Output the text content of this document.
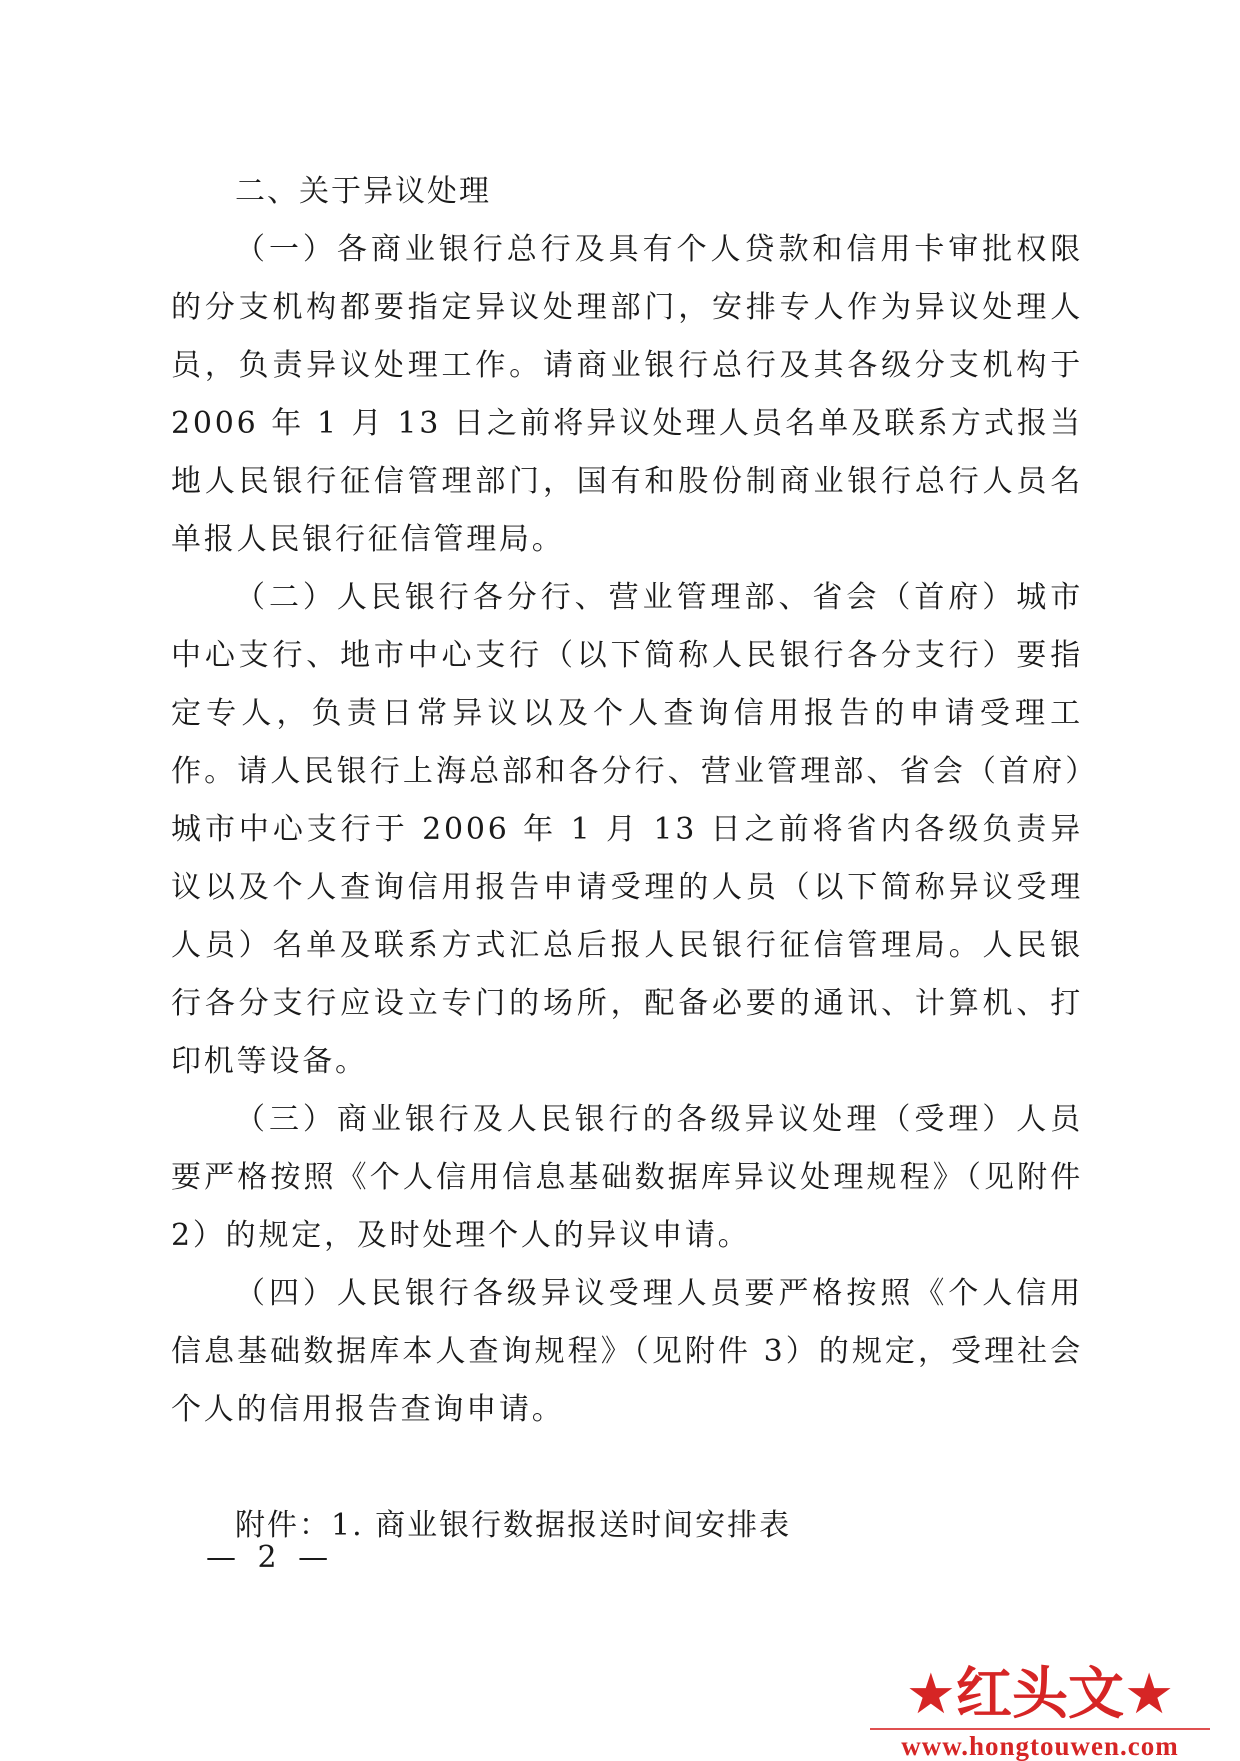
二、关于异议处理

（一）各商业银行总行及具有个人贷款和信用卡审批权限的分支机构都要指定异议处理部门，安排专人作为异议处理人员，负责异议处理工作。请商业银行总行及其各级分支机构于 2006 年 1 月 13 日之前将异议处理人员名单及联系方式报当地人民银行征信管理部门，国有和股份制商业银行总行人员名单报人民银行征信管理局。

（二）人民银行各分行、营业管理部、省会（首府）城市中心支行、地市中心支行（以下简称人民银行各分支行）要指定专人，负责日常异议以及个人查询信用报告的申请受理工作。请人民银行上海总部和各分行、营业管理部、省会（首府）城市中心支行于 2006 年 1 月 13 日之前将省内各级负责异议以及个人查询信用报告申请受理的人员（以下简称异议受理人员）名单及联系方式汇总后报人民银行征信管理局。人民银行各分支行应设立专门的场所，配备必要的通讯、计算机、打印机等设备。

（三）商业银行及人民银行的各级异议处理（受理）人员要严格按照《个人信用信息基础数据库异议处理规程》（见附件 2）的规定，及时处理个人的异议申请。

（四）人民银行各级异议受理人员要严格按照《个人信用信息基础数据库本人查询规程》（见附件 3）的规定，受理社会个人的信用报告查询申请。

附件：1. 商业银行数据报送时间安排表

— 2 —
★红头文★
www.hongtouwen.com
